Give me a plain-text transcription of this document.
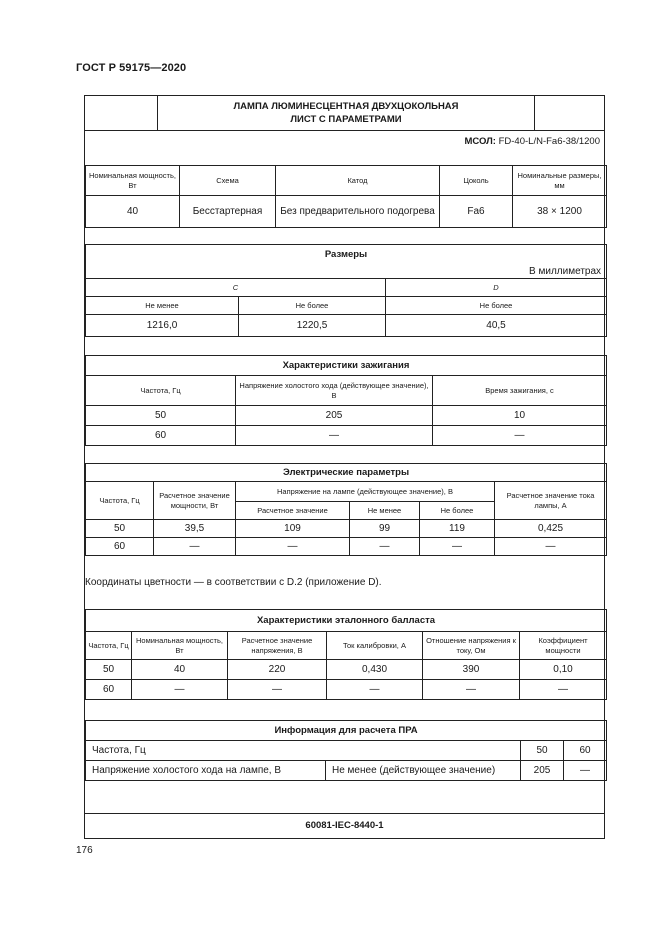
ГОСТ Р 59175—2020
ЛАМПА ЛЮМИНЕСЦЕНТНАЯ ДВУХЦОКОЛЬНАЯ
ЛИСТ С ПАРАМЕТРАМИ
МСОЛ: FD-40-L/N-Fa6-38/1200
Номинальная мощность, Вт	Схема	Катод	Цоколь	Номинальные размеры, мм
40	Бесстартерная	Без предварительного подогрева	Fa6	38 × 1200
Размеры		
В миллиметрах		
C		D
Не менее	Не более	Не более
1216,0	1220,5	40,5
Характеристики зажигания		
Частота, Гц	Напряжение холостого хода (действующее значение), В	Время зажигания, с
50	205	10
60	—	—
Электрические параметры					
Частота, Гц	Расчетное значение мощности, Вт	Напряжение на лампе (действующее значение), В			Расчетное значение тока лампы, А
		Расчетное значение	Не менее	Не более	
50	39,5	109	99	119	0,425
60	—	—	—	—	—
Характеристики эталонного балласта					
Частота, Гц	Номинальная мощность, Вт	Расчетное значение напряжения, В	Ток калибровки, А	Отношение напряжения к току, Ом	Коэффициент мощности
50	40	220	0,430	390	0,10
60	—	—	—	—	—
Информация для расчета ПРА			
Частота, Гц		50	60
Напряжение холостого хода на лампе, В	Не менее (действующее значение)	205	—
60081-IEC-8440-1
Координаты цветности — в соответствии с D.2 (приложение D).
176
